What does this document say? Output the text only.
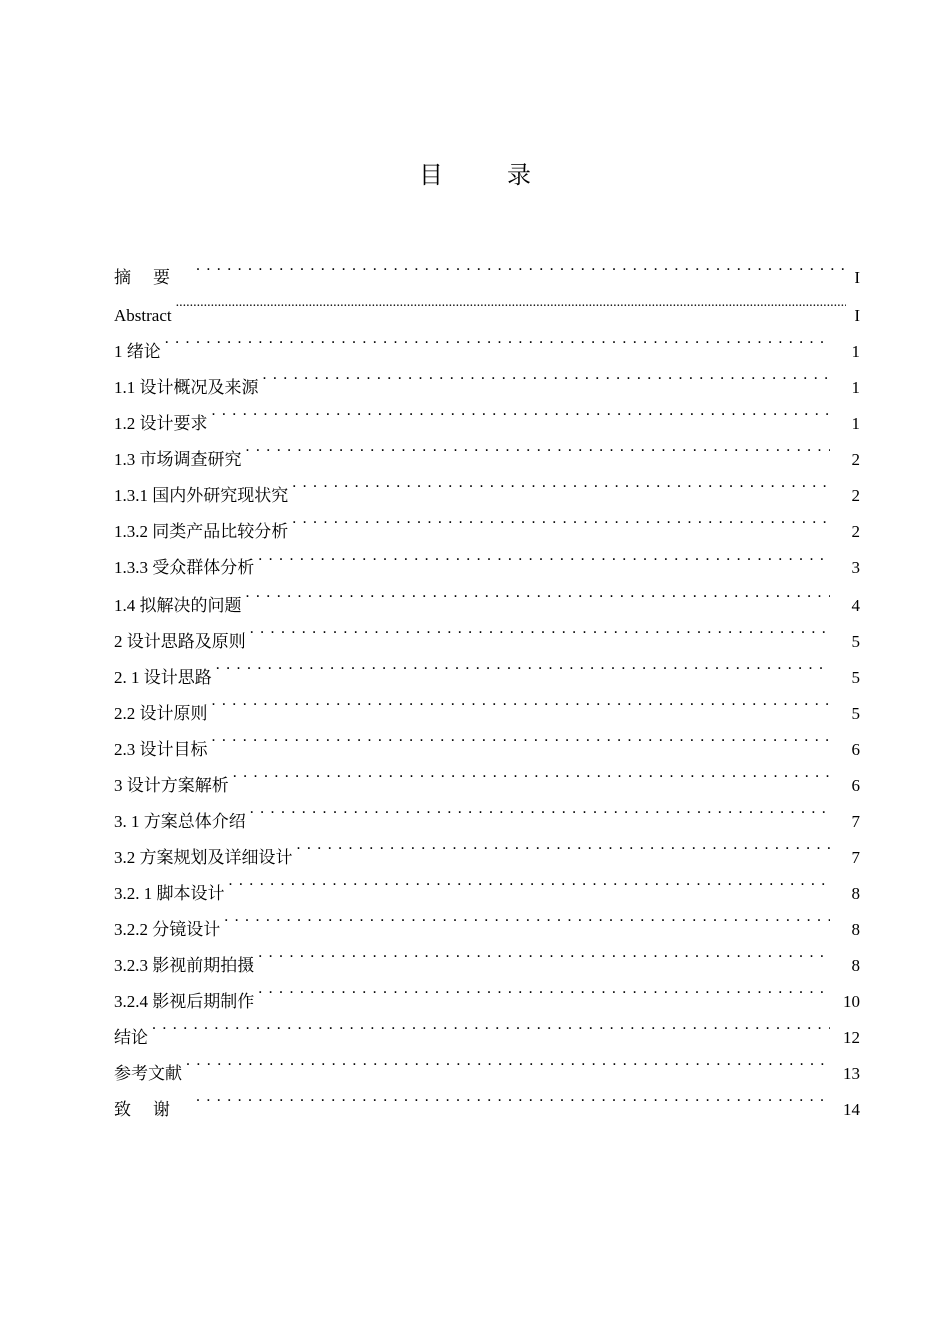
目　录
摘要 . . .	I
Abstract .....	I
1 绪论 . . .	1
1.1 设计概况及来源 . . .	1
1.2 设计要求 . . .	1
1.3 市场调查研究 . . .	2
1.3.1 国内外研究现状究 . . .	2
1.3.2 同类产品比较分析 . . .	2
1.3.3 受众群体分析 . . .	3
1.4 拟解决的问题 . . .	4
2 设计思路及原则 . . .	5
2. 1 设计思路 . . .	5
2.2 设计原则 . . .	5
2.3 设计目标 . . .	6
3 设计方案解析 . . .	6
3. 1 方案总体介绍 . . .	7
3.2 方案规划及详细设计 . . .	7
3.2. 1 脚本设计 . . .	8
3.2.2 分镜设计 . . .	8
3.2.3 影视前期拍摄 . . .	8
3.2.4 影视后期制作 . . .	10
结论 . . .	12
参考文献 . . .	13
致谢 . . .	14
